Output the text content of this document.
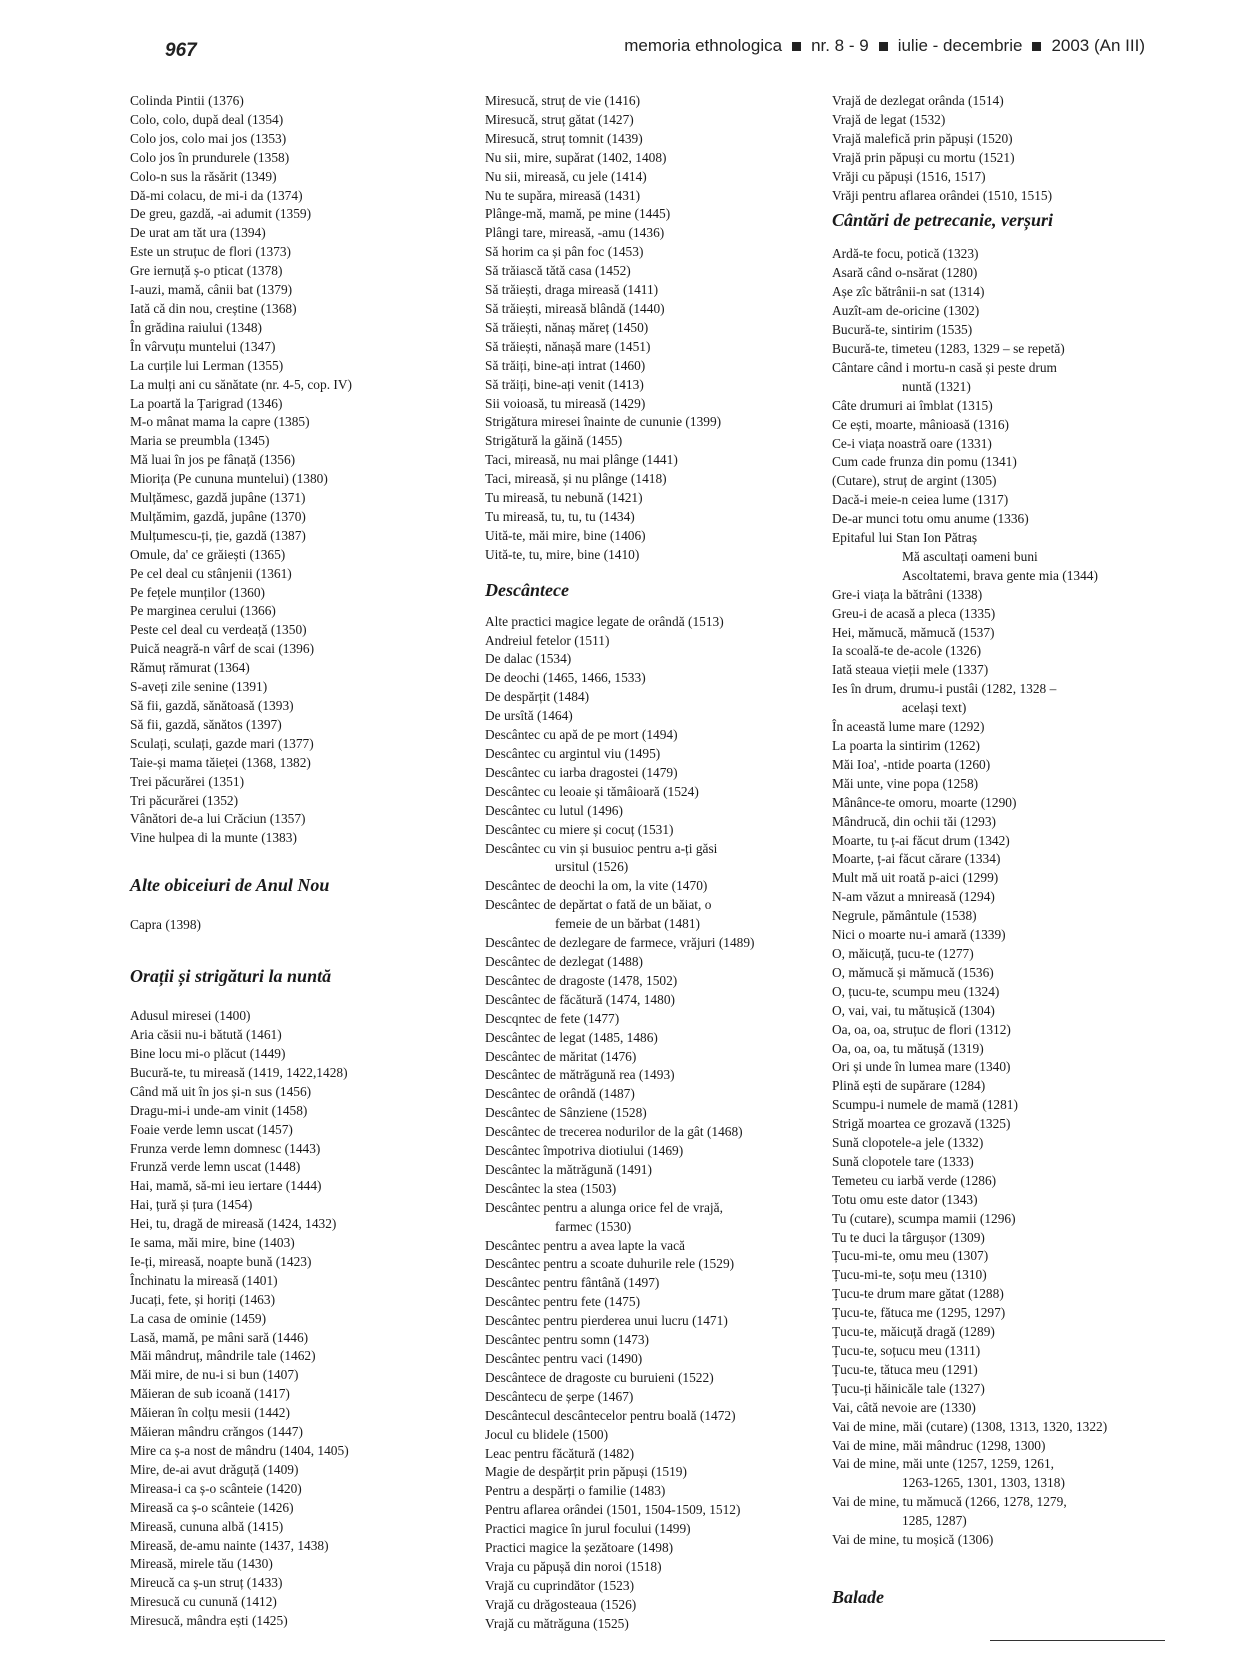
967	memoria ethnologica nr. 8 - 9 iulie - decembrie 2003 (An III)
Colinda Pintii (1376)
Colo, colo, după deal (1354)
Colo jos, colo mai jos (1353)
Colo jos în prundurele (1358)
Colo-n sus la răsărit (1349)
Dă-mi colacu, de mi-i da (1374)
De greu, gazdă, -ai adumit (1359)
De urat am tăt ura (1394)
Este un struțuc de flori (1373)
Gre iernuță ș-o pticat (1378)
I-auzi, mamă, cânii bat (1379)
Iată că din nou, creștine (1368)
În grădina raiului (1348)
În vârvuțu muntelui (1347)
La curțile lui Lerman (1355)
La mulți ani cu sănătate (nr. 4-5, cop. IV)
La poartă la Țarigrad (1346)
M-o mânat mama la capre (1385)
Maria se preumbla (1345)
Mă luai în jos pe fânață (1356)
Miorița (Pe cununa muntelui) (1380)
Mulțămesc, gazdă jupâne (1371)
Mulțămim, gazdă, jupâne (1370)
Mulțumescu-ți, ție, gazdă (1387)
Omule, da' ce grăiești (1365)
Pe cel deal cu stânjenii (1361)
Pe fețele munților (1360)
Pe marginea cerului (1366)
Peste cel deal cu verdeață (1350)
Puică neagră-n vârf de scai (1396)
Rămuț rămurat (1364)
S-aveți zile senine (1391)
Să fii, gazdă, sănătoasă (1393)
Să fii, gazdă, sănătos (1397)
Sculați, sculați, gazde mari (1377)
Taie-și mama tăieței (1368, 1382)
Trei păcurărei (1351)
Tri păcurărei (1352)
Vânători de-a lui Crăciun (1357)
Vine hulpea di la munte (1383)
Alte obiceiuri de Anul Nou
Capra (1398)
Orații și strigături la nuntă
Adusul miresei (1400)
Aria căsii nu-i bătută (1461)
Bine locu mi-o plăcut (1449)
Bucură-te, tu mireasă (1419, 1422,1428)
Când mă uit în jos și-n sus (1456)
Dragu-mi-i unde-am vinit (1458)
Foaie verde lemn uscat (1457)
Frunza verde lemn domnesc (1443)
Frunză verde lemn uscat (1448)
Hai, mamă, să-mi ieu iertare (1444)
Hai, țură și țura (1454)
Hei, tu, dragă de mireasă (1424, 1432)
Ie sama, măi mire, bine (1403)
Ie-ți, mireasă, noapte bună (1423)
Închinatu la mireasă (1401)
Jucați, fete, și horiți (1463)
La casa de ominie (1459)
Lasă, mamă, pe mâni sară (1446)
Măi mândruț, mândrile tale (1462)
Măi mire, de nu-i si bun (1407)
Măieran de sub icoană (1417)
Măieran în colțu mesii (1442)
Măieran mândru crăngos (1447)
Mire ca ș-a nost de mândru (1404, 1405)
Mire, de-ai avut drăguță (1409)
Mireasa-i ca ș-o scânteie (1420)
Mireasă ca ș-o scânteie (1426)
Mireasă, cununa albă (1415)
Mireasă, de-amu nainte (1437, 1438)
Mireasă, mirele tău (1430)
Mireucă ca ș-un struț (1433)
Miresucă cu cunună (1412)
Miresucă, mândra ești (1425)
Miresucă, struț de vie (1416)
Miresucă, struț gătat (1427)
Miresucă, struț tomnit (1439)
Nu sii, mire, supărat (1402, 1408)
Nu sii, mireasă, cu jele (1414)
Nu te supăra, mireasă (1431)
Plânge-mă, mamă, pe mine (1445)
Plângi tare, mireasă, -amu (1436)
Să horim ca și pân foc (1453)
Să trăiască tătă casa (1452)
Să trăiești, draga mireasă (1411)
Să trăiești, mireasă blândă (1440)
Să trăiești, nănaș măreț (1450)
Să trăiești, nănașă mare (1451)
Să trăiți, bine-ați intrat (1460)
Să trăiți, bine-ați venit (1413)
Sii voioasă, tu mireasă (1429)
Strigătura miresei înainte de cununie (1399)
Strigătură la găină (1455)
Taci, mireasă, nu mai plânge (1441)
Taci, mireasă, și nu plânge (1418)
Tu mireasă, tu nebună (1421)
Tu mireasă, tu, tu, tu (1434)
Uită-te, măi mire, bine (1406)
Uită-te, tu, mire, bine (1410)
Descântece
Alte practici magice legate de orândă (1513)
Andreiul fetelor (1511)
De dalac (1534)
De deochi (1465, 1466, 1533)
De despărțit (1484)
De ursîtă (1464)
Descântec cu apă de pe mort (1494)
Descântec cu argintul viu (1495)
Descântec cu iarba dragostei (1479)
Descântec cu leoaie și tămâioară (1524)
Descântec cu lutul (1496)
Descântec cu miere și cocuț (1531)
Descântec cu vin și busuioc pentru a-ți găsi
ursitul (1526)
Descântec de deochi la om, la vite (1470)
Descântec de depărtat o fată de un băiat, o
femeie de un bărbat (1481)
Descântec de dezlegare de farmece, vrăjuri (1489)
Descântec de dezlegat (1488)
Descântec de dragoste (1478, 1502)
Descântec de făcătură (1474, 1480)
Descqntec de fete (1477)
Descântec de legat (1485, 1486)
Descântec de măritat (1476)
Descântec de mătrăgună rea (1493)
Descântec de orândă (1487)
Descântec de Sânziene (1528)
Descântec de trecerea nodurilor de la gât (1468)
Descântec împotriva diotiului (1469)
Descântec la mătrăgună (1491)
Descântec la stea (1503)
Descântec pentru a alunga orice fel de vrajă,
farmec (1530)
Descântec pentru a avea lapte la vacă
Descântec pentru a scoate duhurile rele (1529)
Descântec pentru fântână (1497)
Descântec pentru fete (1475)
Descântec pentru pierderea unui lucru (1471)
Descântec pentru somn (1473)
Descântec pentru vaci (1490)
Descântece de dragoste cu buruieni (1522)
Descântecu de șerpe (1467)
Descântecul descântecelor pentru boală (1472)
Jocul cu blidele (1500)
Leac pentru făcătură (1482)
Magie de despărțit prin păpuși (1519)
Pentru a despărți o familie (1483)
Pentru aflarea orândei (1501, 1504-1509, 1512)
Practici magice în jurul focului (1499)
Practici magice la șezătoare (1498)
Vraja cu păpușă din noroi (1518)
Vrajă cu cuprindător (1523)
Vrajă cu drăgosteaua (1526)
Vrajă cu mătrăguna (1525)
Vrajă de dezlegat orânda (1514)
Vrajă de legat (1532)
Vrajă malefică prin păpuși (1520)
Vrajă prin păpuși cu mortu (1521)
Vrăji cu păpuși (1516, 1517)
Vrăji pentru aflarea orândei (1510, 1515)
Cântări de petrecanie, verșuri
Ardă-te focu, potică (1323)
Asară când o-nsărat (1280)
Așe zîc bătrânii-n sat (1314)
Auzît-am de-oricine (1302)
Bucură-te, sintirim (1535)
Bucură-te, timeteu (1283, 1329 – se repetă)
Cântare când i mortu-n casă și peste drum
nuntă (1321)
Câte drumuri ai îmblat (1315)
Ce ești, moarte, mânioasă (1316)
Ce-i viața noastră oare (1331)
Cum cade frunza din pomu (1341)
(Cutare), struț de argint (1305)
Dacă-i meie-n ceiea lume (1317)
De-ar munci totu omu anume (1336)
Epitaful lui Stan Ion Pătraș
Mă ascultați oameni buni
Ascoltatemi, brava gente mia (1344)
Gre-i viața la bătrâni (1338)
Greu-i de acasă a pleca (1335)
Hei, mămucă, mămucă (1537)
Ia scoală-te de-acole (1326)
Iată steaua vieții mele (1337)
Ies în drum, drumu-i pustâi (1282, 1328 –
același text)
În această lume mare (1292)
La poarta la sintirim (1262)
Măi Ioa', -ntide poarta (1260)
Măi unte, vine popa (1258)
Mânânce-te omoru, moarte (1290)
Mândrucă, din ochii tăi (1293)
Moarte, tu ț-ai făcut drum (1342)
Moarte, ț-ai făcut cărare (1334)
Mult mă uit roată p-aici (1299)
N-am văzut a mnireasă (1294)
Negrule, pământule (1538)
Nici o moarte nu-i amară (1339)
O, măicuță, țucu-te (1277)
O, mămucă și mămucă (1536)
O, țucu-te, scumpu meu (1324)
O, vai, vai, tu mătușică (1304)
Oa, oa, oa, struțuc de flori (1312)
Oa, oa, oa, tu mătușă (1319)
Ori și unde în lumea mare (1340)
Plină ești de supărare (1284)
Scumpu-i numele de mamă (1281)
Strigă moartea ce grozavă (1325)
Sună clopotele-a jele (1332)
Sună clopotele tare (1333)
Temeteu cu iarbă verde (1286)
Totu omu este dator (1343)
Tu (cutare), scumpa mamii (1296)
Tu te duci la târgușor (1309)
Țucu-mi-te, omu meu (1307)
Țucu-mi-te, soțu meu (1310)
Țucu-te drum mare gătat (1288)
Țucu-te, fătuca me (1295, 1297)
Țucu-te, măicuță dragă (1289)
Țucu-te, soțucu meu (1311)
Țucu-te, tătuca meu (1291)
Țucu-ți hăinicăle tale (1327)
Vai, câtă nevoie are (1330)
Vai de mine, măi (cutare) (1308, 1313, 1320, 1322)
Vai de mine, măi mândruc (1298, 1300)
Vai de mine, măi unte (1257, 1259, 1261,
1263-1265, 1301, 1303, 1318)
Vai de mine, tu mămucă (1266, 1278, 1279,
1285, 1287)
Vai de mine, tu moșică (1306)
Balade
